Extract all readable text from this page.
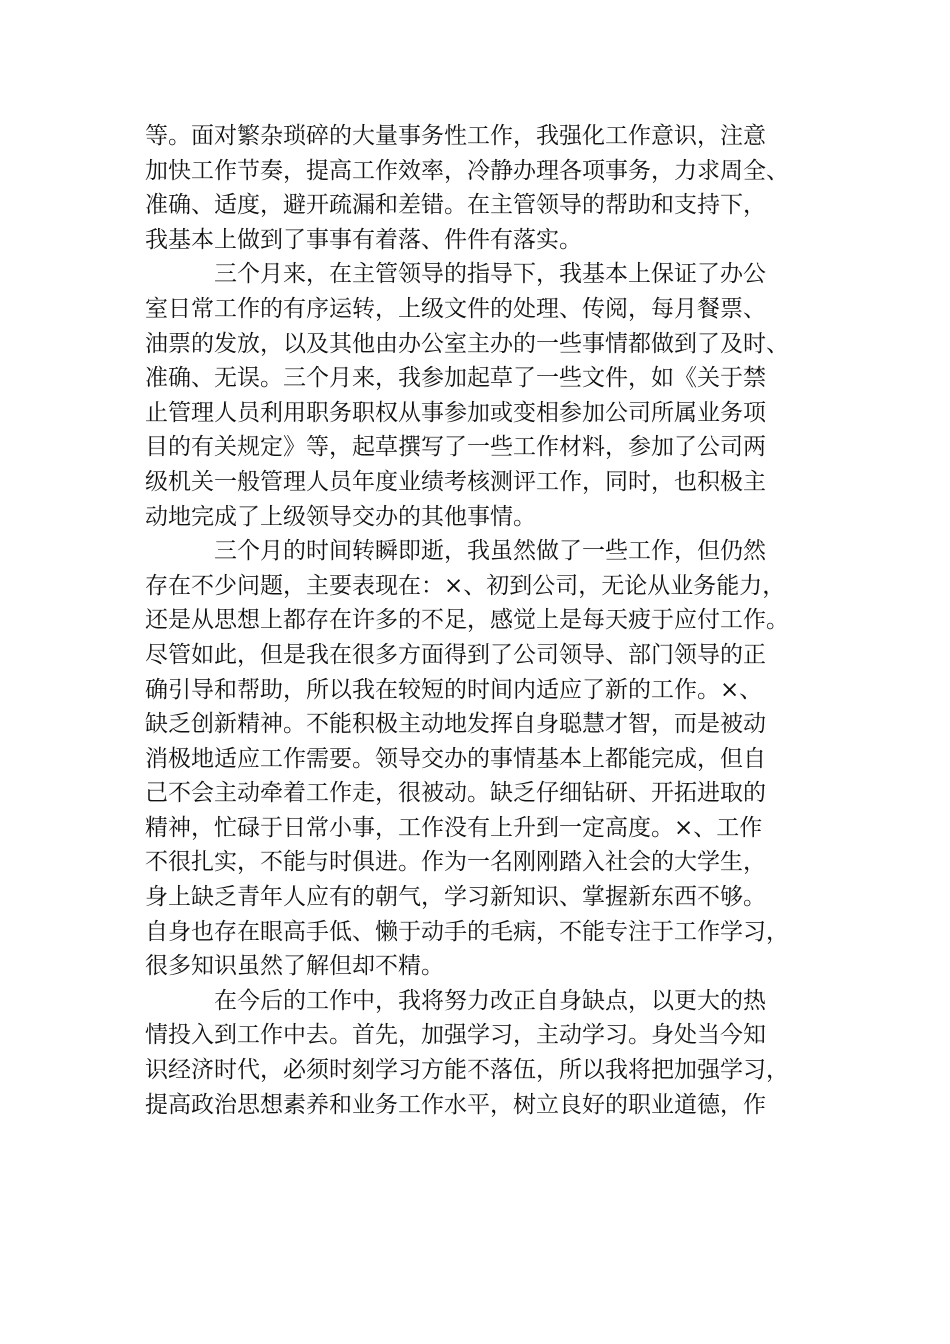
等。面对繁杂琐碎的大量事务性工作，我强化工作意识，注意
加快工作节奏，提高工作效率，冷静办理各项事务，力求周全、
准确、适度，避开疏漏和差错。在主管领导的帮助和支持下，
我基本上做到了事事有着落、件件有落实。
　　　三个月来，在主管领导的指导下，我基本上保证了办公
室日常工作的有序运转，上级文件的处理、传阅，每月餐票、
油票的发放，以及其他由办公室主办的一些事情都做到了及时、
准确、无误。三个月来，我参加起草了一些文件，如《关于禁
止管理人员利用职务职权从事参加或变相参加公司所属业务项
目的有关规定》等，起草撰写了一些工作材料，参加了公司两
级机关一般管理人员年度业绩考核测评工作，同时，也积极主
动地完成了上级领导交办的其他事情。
　　　三个月的时间转瞬即逝，我虽然做了一些工作，但仍然
存在不少问题，主要表现在：×、初到公司，无论从业务能力，
还是从思想上都存在许多的不足，感觉上是每天疲于应付工作。
尽管如此，但是我在很多方面得到了公司领导、部门领导的正
确引导和帮助，所以我在较短的时间内适应了新的工作。×、
缺乏创新精神。不能积极主动地发挥自身聪慧才智，而是被动
消极地适应工作需要。领导交办的事情基本上都能完成，但自
己不会主动牵着工作走，很被动。缺乏仔细钻研、开拓进取的
精神，忙碌于日常小事，工作没有上升到一定高度。×、工作
不很扎实，不能与时俱进。作为一名刚刚踏入社会的大学生，
身上缺乏青年人应有的朝气，学习新知识、掌握新东西不够。
自身也存在眼高手低、懒于动手的毛病，不能专注于工作学习，
很多知识虽然了解但却不精。
　　　在今后的工作中，我将努力改正自身缺点，以更大的热
情投入到工作中去。首先，加强学习，主动学习。身处当今知
识经济时代，必须时刻学习方能不落伍，所以我将把加强学习，
提高政治思想素养和业务工作水平，树立良好的职业道德，作
